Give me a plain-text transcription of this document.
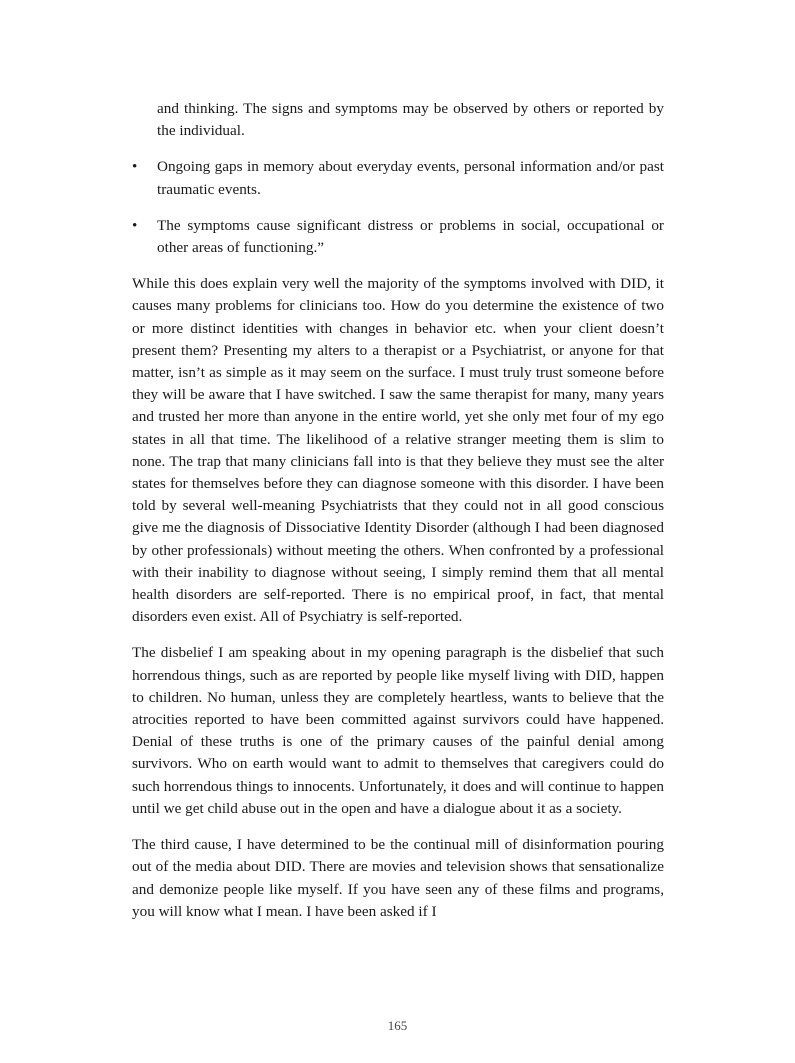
and thinking. The signs and symptoms may be observed by others or reported by the individual.
•	Ongoing gaps in memory about everyday events, personal information and/or past traumatic events.
•	The symptoms cause significant distress or problems in social, occupational or other areas of functioning.”

While this does explain very well the majority of the symptoms involved with DID, it causes many problems for clinicians too. How do you determine the existence of two or more distinct identities with changes in behavior etc. when your client doesn’t present them? Presenting my alters to a therapist or a Psychiatrist, or anyone for that matter, isn’t as simple as it may seem on the surface. I must truly trust someone before they will be aware that I have switched. I saw the same therapist for many, many years and trusted her more than anyone in the entire world, yet she only met four of my ego states in all that time. The likelihood of a relative stranger meeting them is slim to none. The trap that many clinicians fall into is that they believe they must see the alter states for themselves before they can diagnose someone with this disorder. I have been told by several well-meaning Psychiatrists that they could not in all good conscious give me the diagnosis of Dissociative Identity Disorder (although I had been diagnosed by other professionals) without meeting the others. When confronted by a professional with their inability to diagnose without seeing, I simply remind them that all mental health disorders are self-reported. There is no empirical proof, in fact, that mental disorders even exist. All of Psychiatry is self-reported.

The disbelief I am speaking about in my opening paragraph is the disbelief that such horrendous things, such as are reported by people like myself living with DID, happen to children. No human, unless they are completely heartless, wants to believe that the atrocities reported to have been committed against survivors could have happened. Denial of these truths is one of the primary causes of the painful denial among survivors. Who on earth would want to admit to themselves that caregivers could do such horrendous things to innocents. Unfortunately, it does and will continue to happen until we get child abuse out in the open and have a dialogue about it as a society.

The third cause, I have determined to be the continual mill of disinformation pouring out of the media about DID. There are movies and television shows that sensationalize and demonize people like myself. If you have seen any of these films and programs, you will know what I mean. I have been asked if I

165
